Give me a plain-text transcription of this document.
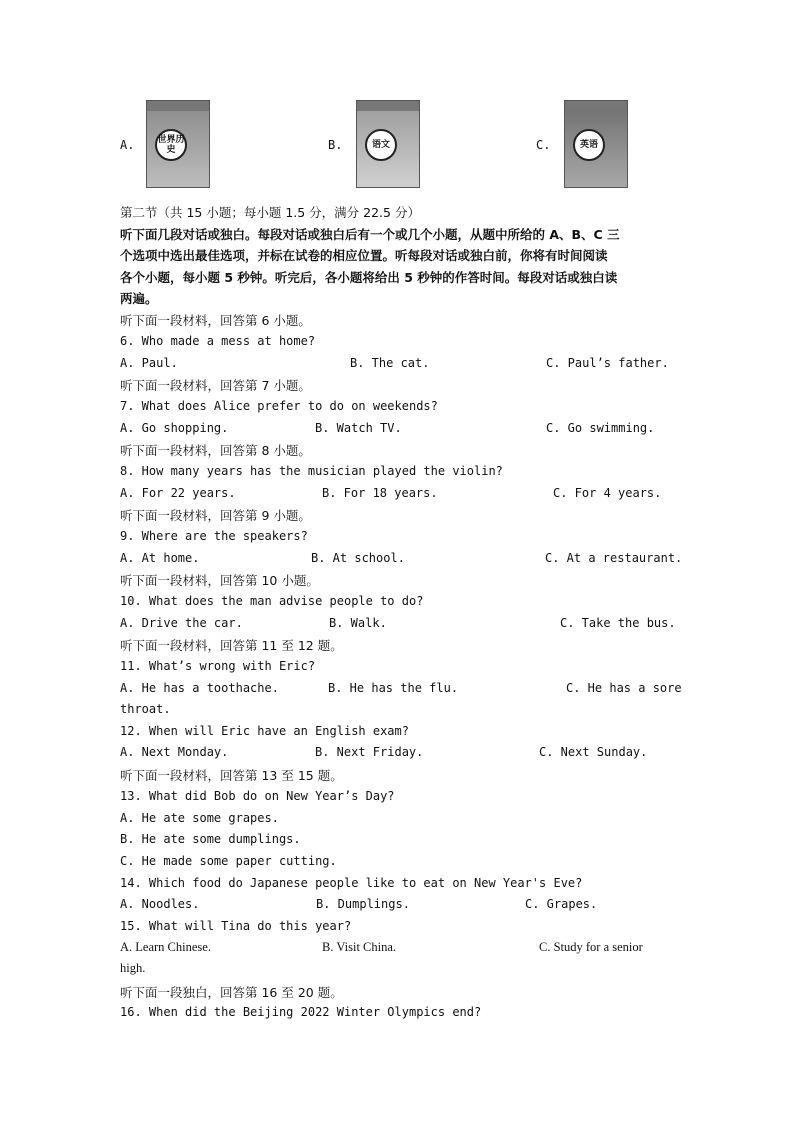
A.	世界历史	B.	语文	C.	英语
第二节（共 15 小题；每小题 1.5 分，满分 22.5 分）
听下面几段对话或独白。每段对话或独白后有一个或几个小题，从题中所给的 A、B、C 三
个选项中选出最佳选项，并标在试卷的相应位置。听每段对话或独白前，你将有时间阅读
各个小题，每小题 5 秒钟。听完后，各小题将给出 5 秒钟的作答时间。每段对话或独白读
两遍。
听下面一段材料，回答第 6 小题。
6. Who made a mess at home?
A. Paul.	B. The cat.	C. Paul’s father.
听下面一段材料，回答第 7 小题。
7. What does Alice prefer to do on weekends?
A. Go shopping.	B. Watch TV.	C. Go swimming.
听下面一段材料，回答第 8 小题。
8. How many years has the musician played the violin?
A. For 22 years.	B. For 18 years.	C. For 4 years.
听下面一段材料，回答第 9 小题。
9. Where are the speakers?
A. At home.	B. At school.	C. At a restaurant.
听下面一段材料，回答第 10 小题。
10. What does the man advise people to do?
A. Drive the car.	B. Walk.	C. Take the bus.
听下面一段材料，回答第 11 至 12 题。
11. What’s wrong with Eric?
A. He has a toothache.	B. He has the flu.	C. He has a sore
throat.
12. When will Eric have an English exam?
A. Next Monday.	B. Next Friday.	C. Next Sunday.
听下面一段材料，回答第 13 至 15 题。
13. What did Bob do on New Year’s Day?
A. He ate some grapes.
B. He ate some dumplings.
C. He made some paper cutting.
14. Which food do Japanese people like to eat on New Year's Eve?
A. Noodles.	B. Dumplings.	C. Grapes.
15. What will Tina do this year?
A. Learn Chinese.	B. Visit China.	C. Study for a senior
high.
听下面一段独白，回答第 16 至 20 题。
16. When did the Beijing 2022 Winter Olympics end?
